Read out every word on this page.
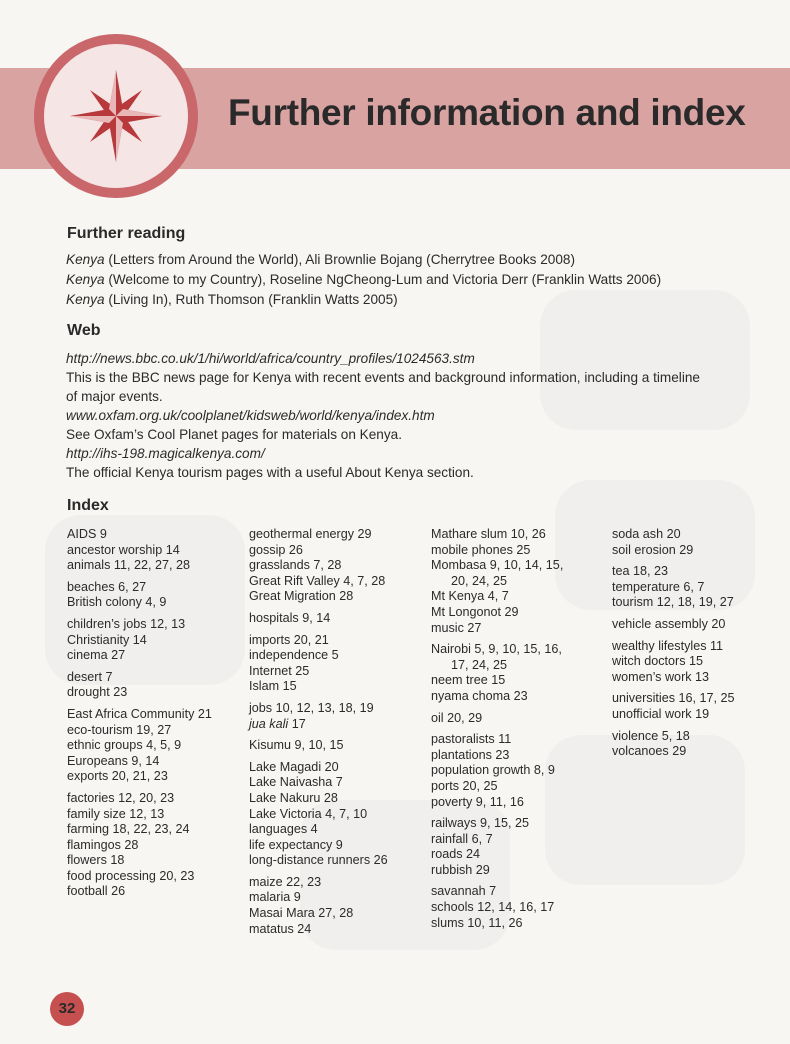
Further information and index
Further reading

Kenya (Letters from Around the World), Ali Brownlie Bojang (Cherrytree Books 2008)

Kenya (Welcome to my Country), Roseline NgCheong-Lum and Victoria Derr (Franklin Watts 2006)

Kenya (Living In), Ruth Thomson (Franklin Watts 2005)

Web

http://news.bbc.co.uk/1/hi/world/africa/country_profiles/1024563.stm

This is the BBC news page for Kenya with recent events and background information, including a timeline

of major events.

www.oxfam.org.uk/coolplanet/kidsweb/world/kenya/index.htm

See Oxfam’s Cool Planet pages for materials on Kenya.

http://ihs-198.magicalkenya.com/

The official Kenya tourism pages with a useful About Kenya section.

Index
AIDS 9
ancestor worship 14
animals 11, 22, 27, 28
beaches 6, 27
British colony 4, 9
children’s jobs 12, 13
Christianity 14
cinema 27
desert 7
drought 23
East Africa Community 21
eco-tourism 19, 27
ethnic groups 4, 5, 9
Europeans 9, 14
exports 20, 21, 23
factories 12, 20, 23
family size 12, 13
farming 18, 22, 23, 24
flamingos 28
flowers 18
food processing 20, 23
football 26
geothermal energy 29
gossip 26
grasslands 7, 28
Great Rift Valley 4, 7, 28
Great Migration 28
hospitals 9, 14
imports 20, 21
independence 5
Internet 25
Islam 15
jobs 10, 12, 13, 18, 19
jua kali 17
Kisumu 9, 10, 15
Lake Magadi 20
Lake Naivasha 7
Lake Nakuru 28
Lake Victoria 4, 7, 10
languages 4
life expectancy 9
long-distance runners 26
maize 22, 23
malaria 9
Masai Mara 27, 28
matatus 24
Mathare slum 10, 26
mobile phones 25
Mombasa 9, 10, 14, 15,
20, 24, 25
Mt Kenya 4, 7
Mt Longonot 29
music 27
Nairobi 5, 9, 10, 15, 16,
17, 24, 25
neem tree 15
nyama choma 23
oil 20, 29
pastoralists 11
plantations 23
population growth 8, 9
ports 20, 25
poverty 9, 11, 16
railways 9, 15, 25
rainfall 6, 7
roads 24
rubbish 29
savannah 7
schools 12, 14, 16, 17
slums 10, 11, 26
soda ash 20
soil erosion 29
tea 18, 23
temperature 6, 7
tourism 12, 18, 19, 27
vehicle assembly 20
wealthy lifestyles 11
witch doctors 15
women’s work 13
universities 16, 17, 25
unofficial work 19
violence 5, 18
volcanoes 29
32
